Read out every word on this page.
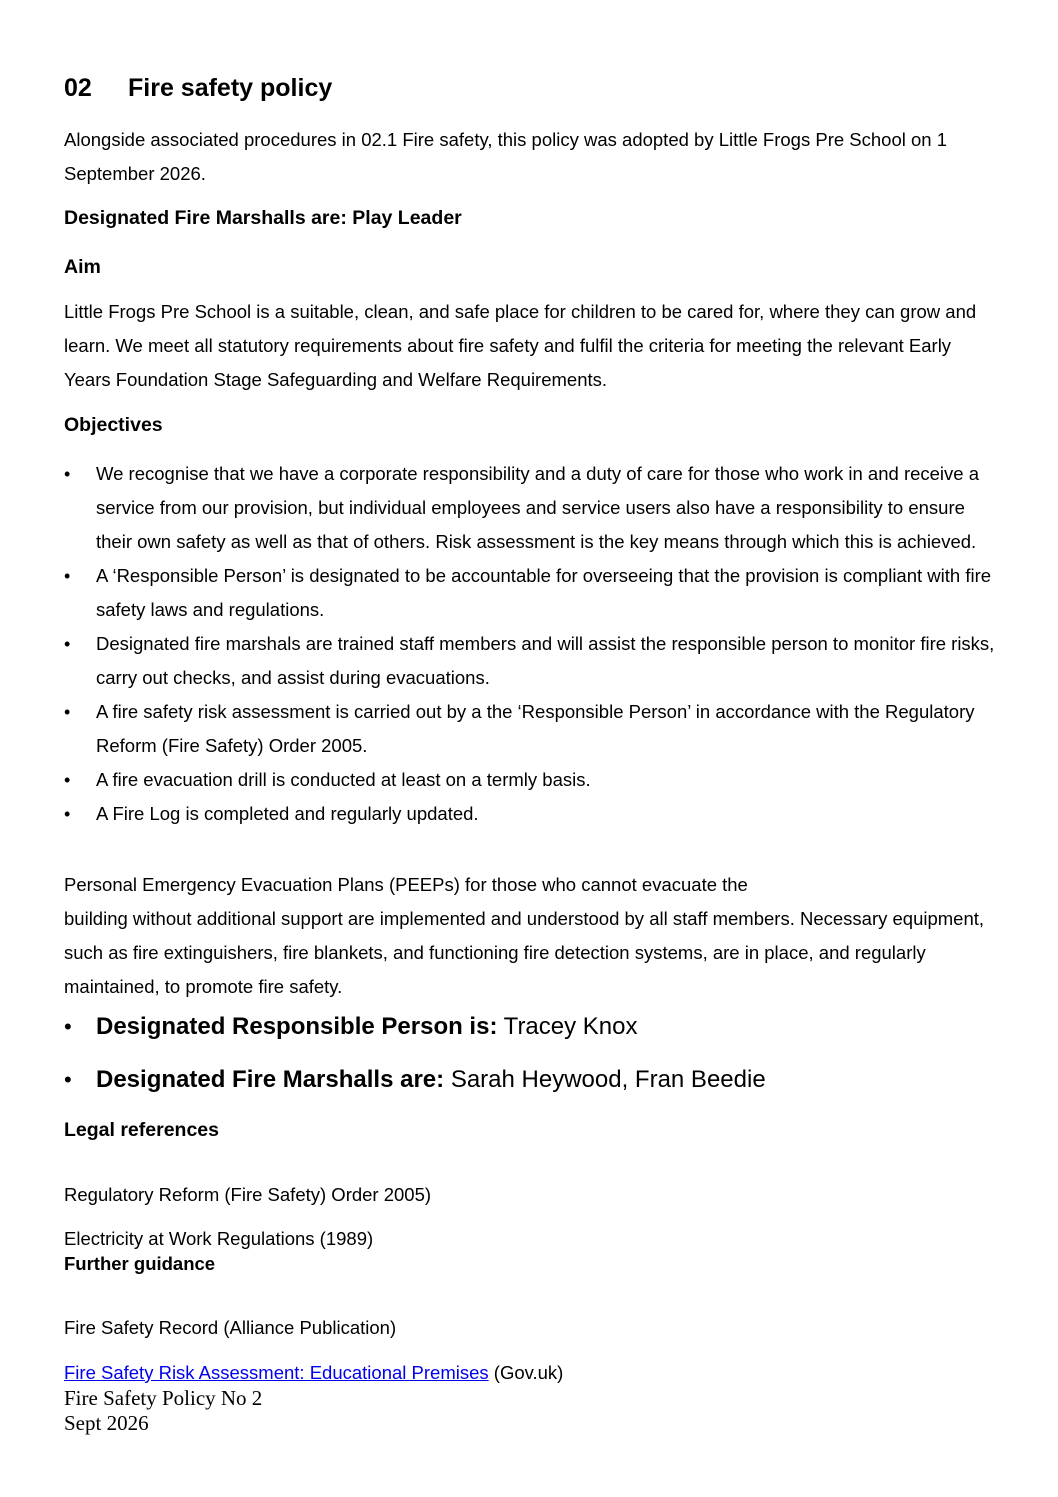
02 Fire safety policy

Alongside associated procedures in 02.1 Fire safety, this policy was adopted by Little Frogs Pre School on 1 September 2026.

Designated Fire Marshalls are: Play Leader

Aim

Little Frogs Pre School is a suitable, clean, and safe place for children to be cared for, where they can grow and learn. We meet all statutory requirements about fire safety and fulfil the criteria for meeting the relevant Early Years Foundation Stage Safeguarding and Welfare Requirements.

Objectives

• We recognise that we have a corporate responsibility and a duty of care for those who work in and receive a service from our provision, but individual employees and service users also have a responsibility to ensure their own safety as well as that of others. Risk assessment is the key means through which this is achieved.
• A ‘Responsible Person’ is designated to be accountable for overseeing that the provision is compliant with fire safety laws and regulations.
• Designated fire marshals are trained staff members and will assist the responsible person to monitor fire risks, carry out checks, and assist during evacuations.
• A fire safety risk assessment is carried out by a the ‘Responsible Person’ in accordance with the Regulatory Reform (Fire Safety) Order 2005.
• A fire evacuation drill is conducted at least on a termly basis.
• A Fire Log is completed and regularly updated.

Personal Emergency Evacuation Plans (PEEPs) for those who cannot evacuate the
building without additional support are implemented and understood by all staff members. Necessary equipment, such as fire extinguishers, fire blankets, and functioning fire detection systems, are in place, and regularly maintained, to promote fire safety.

• Designated Responsible Person is: Tracey Knox
• Designated Fire Marshalls are: Sarah Heywood, Fran Beedie

Legal references

Regulatory Reform (Fire Safety) Order 2005)

Electricity at Work Regulations (1989)

Further guidance

Fire Safety Record (Alliance Publication)

Fire Safety Risk Assessment: Educational Premises (Gov.uk)

Fire Safety Policy No 2
Sept 2026
